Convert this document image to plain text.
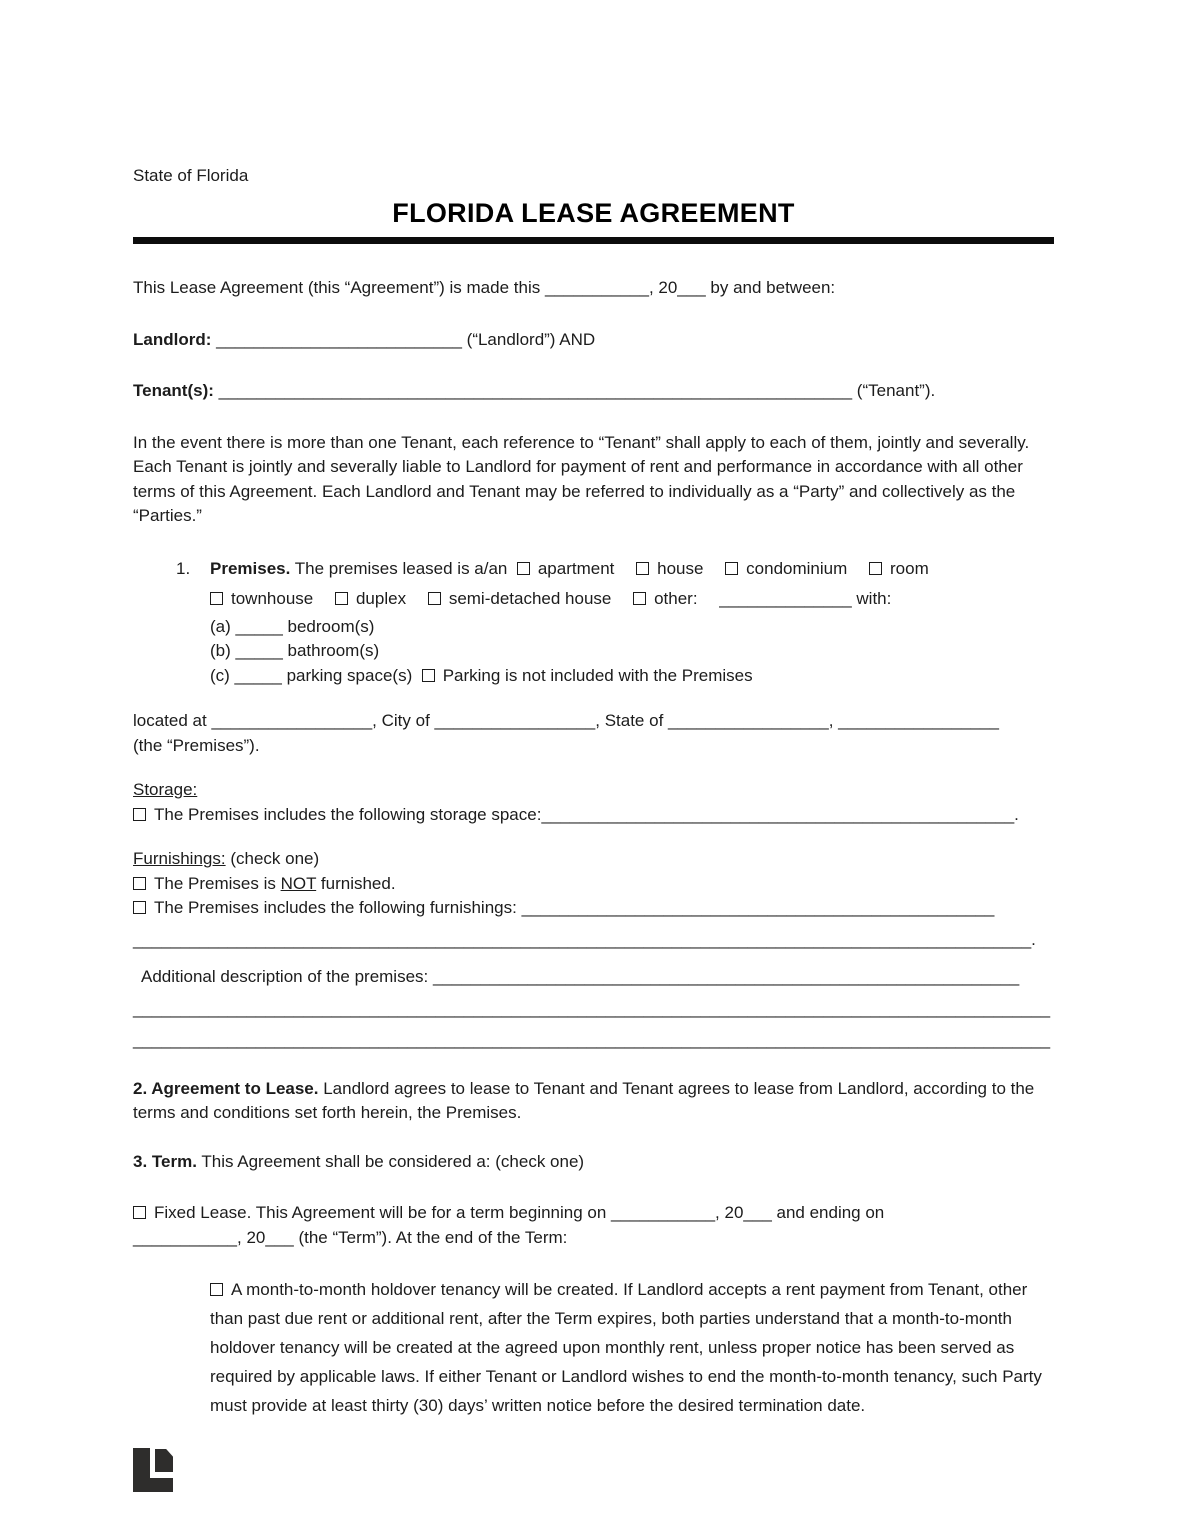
State of Florida
FLORIDA LEASE AGREEMENT

This Lease Agreement (this “Agreement”) is made this ___________, 20___ by and between:

Landlord: __________________________ (“Landlord”) AND

Tenant(s): ___________________________________________________________________ (“Tenant”).

In the event there is more than one Tenant, each reference to “Tenant” shall apply to each of them, jointly and severally. Each Tenant is jointly and severally liable to Landlord for payment of rent and performance in accordance with all other terms of this Agreement. Each Landlord and Tenant may be referred to individually as a “Party” and collectively as the “Parties.”

1.	Premises. The premises leased is a/an apartment	house	condominium	room
townhouse	duplex	semi-detached house	other: ______________ with:
(a) _____ bedroom(s)
(b) _____ bathroom(s)
(c) _____ parking space(s) Parking is not included with the Premises
located at _________________, City of _________________, State of _________________, _________________
(the “Premises”).
Storage:
The Premises includes the following storage space:__________________________________________________.
Furnishings: (check one)
The Premises is NOT furnished.
The Premises includes the following furnishings: __________________________________________________
_______________________________________________________________________________________________.
Additional description of the premises: ______________________________________________________________
_________________________________________________________________________________________________
_________________________________________________________________________________________________

2. Agreement to Lease. Landlord agrees to lease to Tenant and Tenant agrees to lease from Landlord, according to the terms and conditions set forth herein, the Premises.

3. Term. This Agreement shall be considered a: (check one)

Fixed Lease. This Agreement will be for a term beginning on ___________, 20___ and ending on
___________, 20___ (the “Term”). At the end of the Term:
A month-to-month holdover tenancy will be created. If Landlord accepts a rent payment from Tenant, other than past due rent or additional rent, after the Term expires, both parties understand that a month-to-month holdover tenancy will be created at the agreed upon monthly rent, unless proper notice has been served as required by applicable laws. If either Tenant or Landlord wishes to end the month-to-month tenancy, such Party must provide at least thirty (30) days’ written notice before the desired termination date.
